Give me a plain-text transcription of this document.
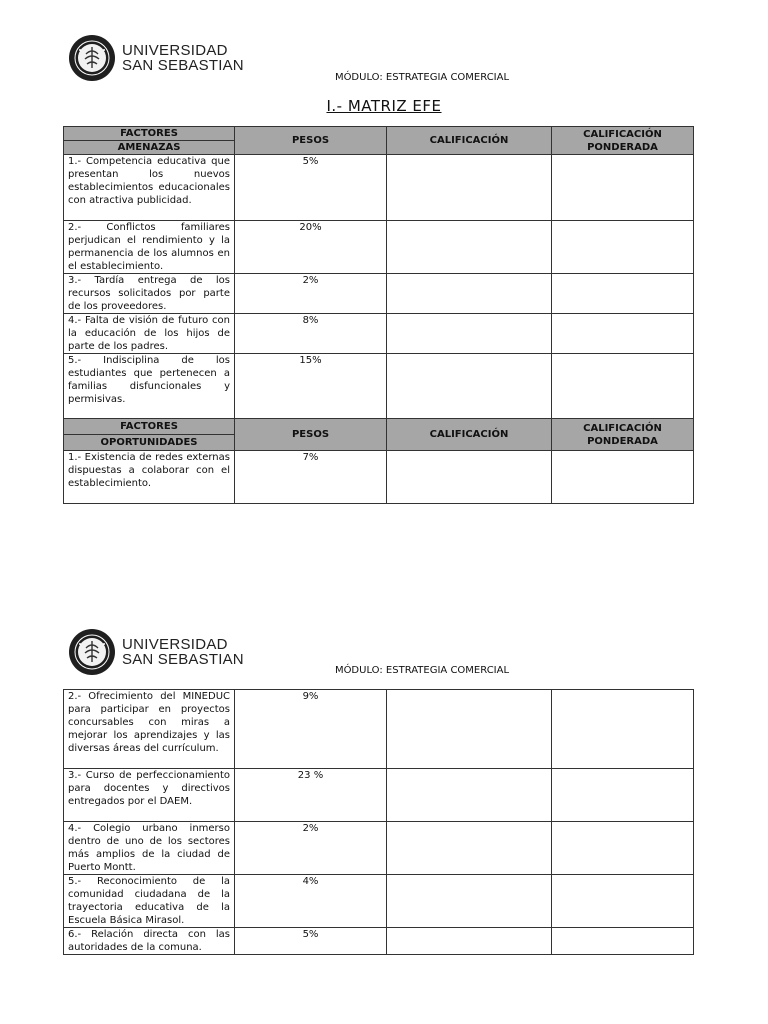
UNIVERSIDAD
SAN SEBASTIAN
MÓDULO: ESTRATEGIA COMERCIAL
I.- MATRIZ EFE
FACTORES	PESOS	CALIFICACIÓN	CALIFICACIÓN
PONDERADA
AMENAZAS			
1.- Competencia educativa que presentan los nuevos establecimientos educacionales con atractiva publicidad.	5%		
2.- Conflictos familiares perjudican el rendimiento y la permanencia de los alumnos en el establecimiento.	20%		
3.- Tardía entrega de los recursos solicitados por parte de los proveedores.	2%		
4.- Falta de visión de futuro con la educación de los hijos de parte de los padres.	8%		
5.- Indisciplina de los estudiantes que pertenecen a familias disfuncionales y permisivas.	15%		
FACTORES	PESOS	CALIFICACIÓN	CALIFICACIÓN
PONDERADA
OPORTUNIDADES			
1.- Existencia de redes externas dispuestas a colaborar con el establecimiento.	7%		
UNIVERSIDAD
SAN SEBASTIAN
MÓDULO: ESTRATEGIA COMERCIAL
2.- Ofrecimiento del MINEDUC para participar en proyectos concursables con miras a mejorar los aprendizajes y las diversas áreas del currículum.	9%		
3.- Curso de perfeccionamiento para docentes y directivos entregados por el DAEM.	23 %		
4.- Colegio urbano inmerso dentro de uno de los sectores más amplios de la ciudad de Puerto Montt.	2%		
5.- Reconocimiento de la comunidad ciudadana de la trayectoria educativa de la Escuela Básica Mirasol.	4%		
6.- Relación directa con las autoridades de la comuna.	5%		
